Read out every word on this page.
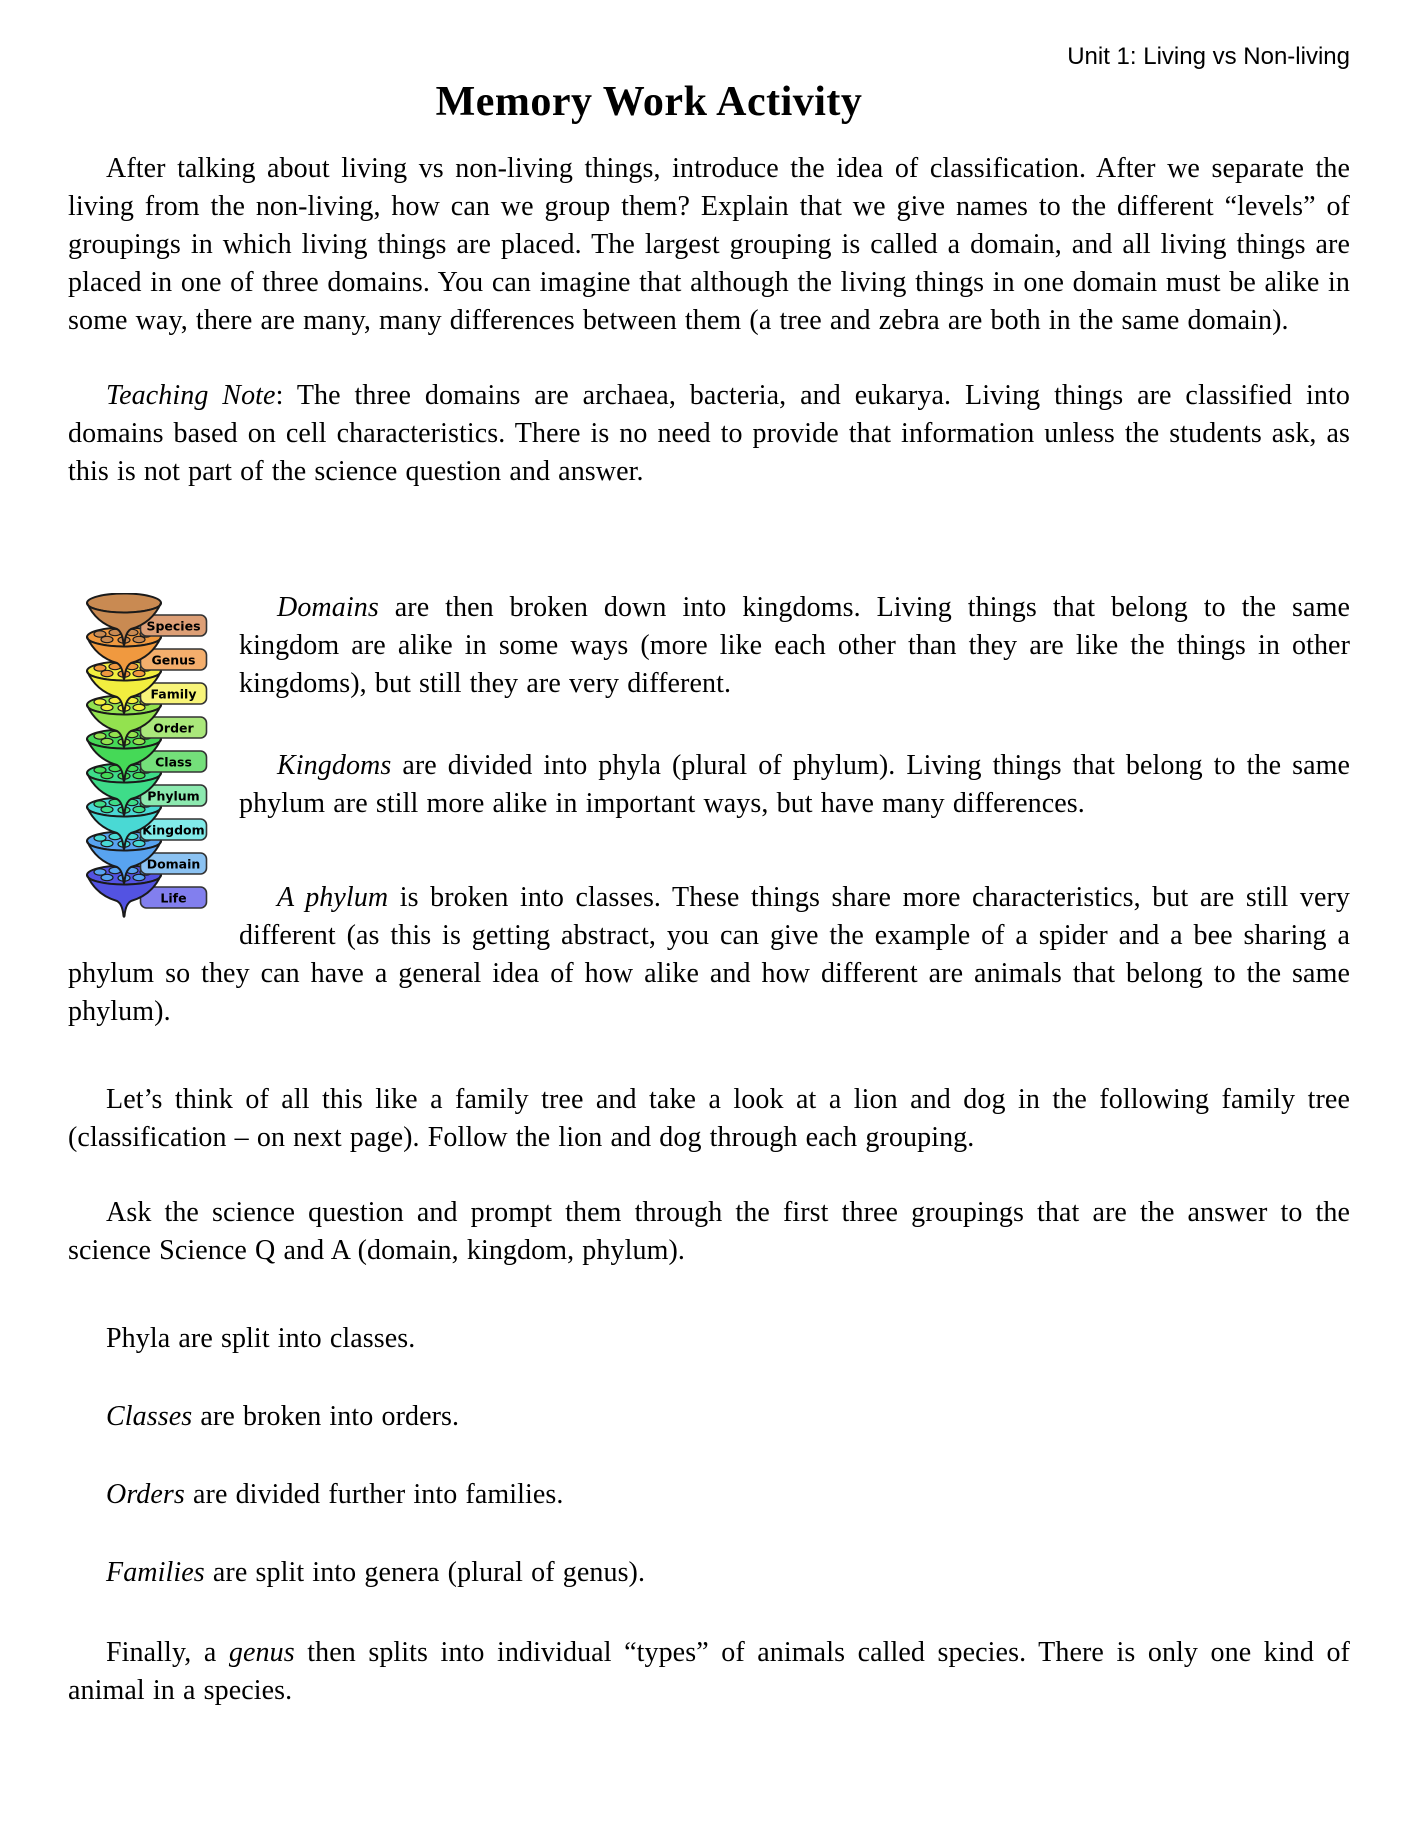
Unit 1: Living vs Non-living
Memory Work Activity

After talking about living vs non-living things, introduce the idea of classification. After we separate the living from the non-living, how can we group them? Explain that we give names to the different “levels” of groupings in which living things are placed. The largest grouping is called a domain, and all living things are placed in one of three domains. You can imagine that although the living things in one domain must be alike in some way, there are many, many differences between them (a tree and zebra are both in the same domain).

Teaching Note: The three domains are archaea, bacteria, and eukarya. Living things are classified into domains based on cell characteristics. There is no need to provide that information unless the students ask, as this is not part of the science question and answer.

Life
Domain
Kingdom
Phylum
Class
Order
Family
Genus
Species

Domains are then broken down into kingdoms. Living things that belong to the same kingdom are alike in some ways (more like each other than they are like the things in other kingdoms), but still they are very different.

Kingdoms are divided into phyla (plural of phylum). Living things that belong to the same phylum are still more alike in important ways, but have many differences.

A phylum is broken into classes. These things share more characteristics, but are still very different (as this is getting abstract, you can give the example of a spider and a bee sharing a phylum so they can have a general idea of how alike and how different are animals that belong to the same phylum).

Let’s think of all this like a family tree and take a look at a lion and dog in the following family tree (classification – on next page). Follow the lion and dog through each grouping.

Ask the science question and prompt them through the first three groupings that are the answer to the science Science Q and A (domain, kingdom, phylum).

Phyla are split into classes.

Classes are broken into orders.

Orders are divided further into families.

Families are split into genera (plural of genus).

Finally, a genus then splits into individual “types” of animals called species. There is only one kind of animal in a species.
